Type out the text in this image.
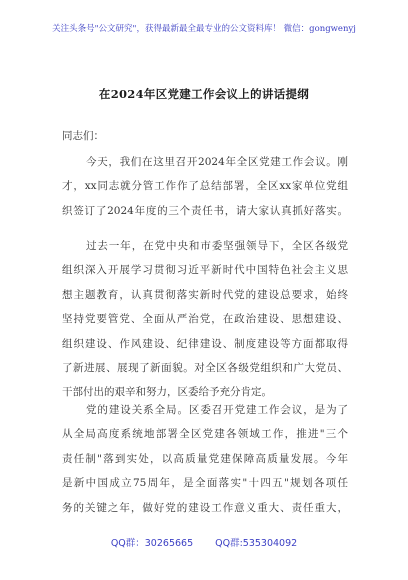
关注头条号"公文研究"，获得最新最全最专业的公文资料库！ 微信：gongwenyj
在2024年区党建工作会议上的讲话提纲
同志们：
今天，我们在这里召开2024年全区党建工作会议。刚
才，xx同志就分管工作作了总结部署，全区xx家单位党组
织签订了2024年度的三个责任书，请大家认真抓好落实。
过去一年，在党中央和市委坚强领导下，全区各级党
组织深入开展学习贯彻习近平新时代中国特色社会主义思
想主题教育，认真贯彻落实新时代党的建设总要求，始终
坚持党要管党、全面从严治党，在政治建设、思想建设、
组织建设、作风建设、纪律建设、制度建设等方面都取得
了新进展、展现了新面貌。对全区各级党组织和广大党员、
干部付出的艰辛和努力，区委给予充分肯定。
党的建设关系全局。区委召开党建工作会议，是为了
从全局高度系统地部署全区党建各领域工作，推进"三个
责任制"落到实处，以高质量党建保障高质量发展。今年
是新中国成立75周年，是全面落实"十四五"规划各项任
务的关键之年，做好党的建设工作意义重大、责任重大，
QQ群：30265665 QQ群:535304092
